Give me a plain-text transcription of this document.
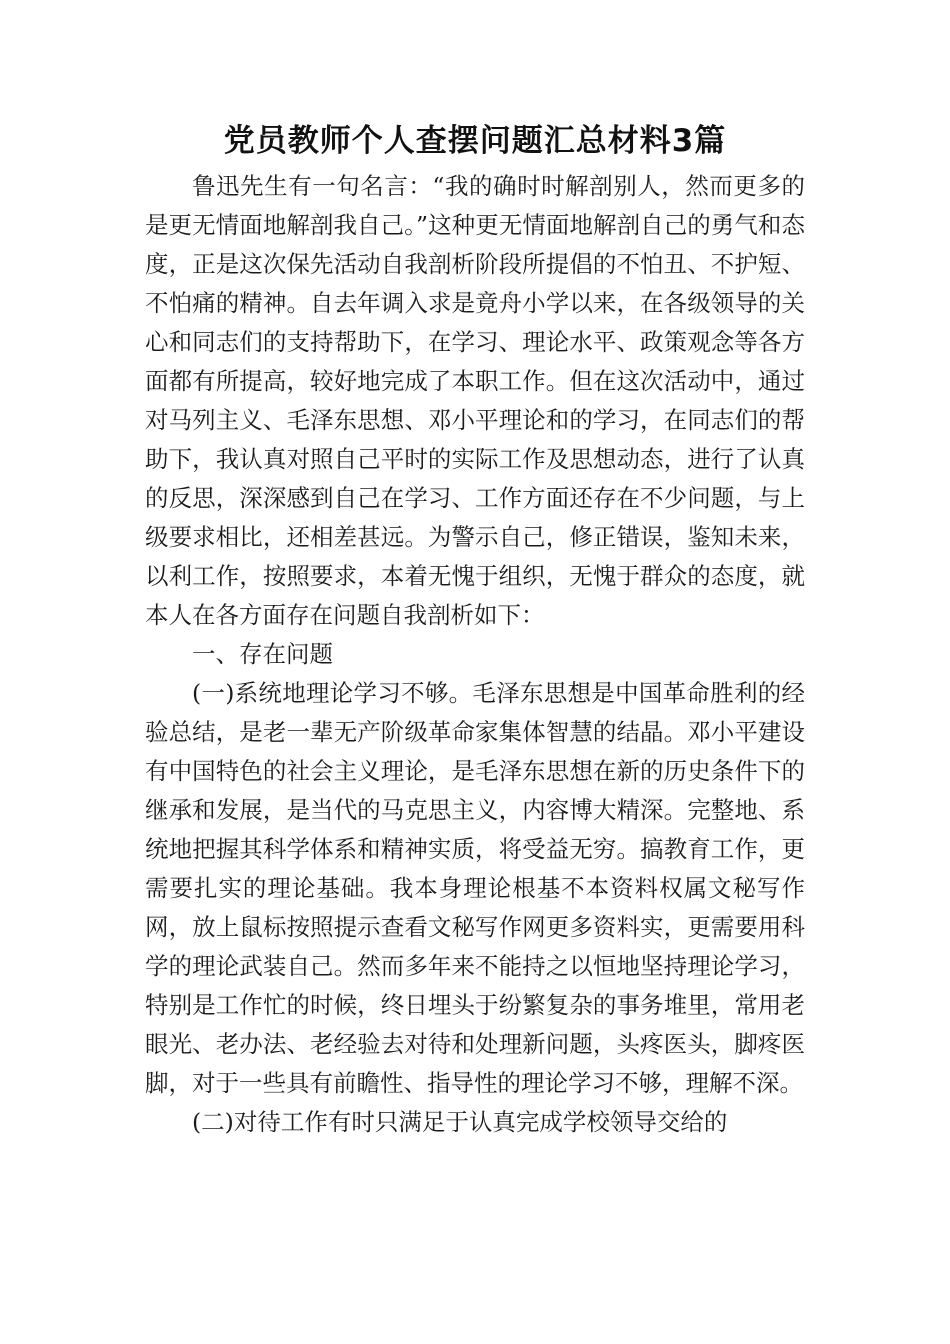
党员教师个人查摆问题汇总材料3篇

鲁迅先生有一句名言：“我的确时时解剖别人，然而更多的是更无情面地解剖我自己。”这种更无情面地解剖自己的勇气和态度，正是这次保先活动自我剖析阶段所提倡的不怕丑、不护短、不怕痛的精神。自去年调入求是竟舟小学以来，在各级领导的关心和同志们的支持帮助下，在学习、理论水平、政策观念等各方面都有所提高，较好地完成了本职工作。但在这次活动中，通过对马列主义、毛泽东思想、邓小平理论和的学习，在同志们的帮助下，我认真对照自己平时的实际工作及思想动态，进行了认真的反思，深深感到自己在学习、工作方面还存在不少问题，与上级要求相比，还相差甚远。为警示自己，修正错误，鉴知未来，以利工作，按照要求，本着无愧于组织，无愧于群众的态度，就本人在各方面存在问题自我剖析如下：

一、存在问题

(一)系统地理论学习不够。毛泽东思想是中国革命胜利的经验总结，是老一辈无产阶级革命家集体智慧的结晶。邓小平建设有中国特色的社会主义理论，是毛泽东思想在新的历史条件下的继承和发展，是当代的马克思主义，内容博大精深。完整地、系统地把握其科学体系和精神实质，将受益无穷。搞教育工作，更需要扎实的理论基础。我本身理论根基不本资料权属文秘写作网，放上鼠标按照提示查看文秘写作网更多资料实，更需要用科学的理论武装自己。然而多年来不能持之以恒地坚持理论学习，特别是工作忙的时候，终日埋头于纷繁复杂的事务堆里，常用老眼光、老办法、老经验去对待和处理新问题，头疼医头，脚疼医脚，对于一些具有前瞻性、指导性的理论学习不够，理解不深。

(二)对待工作有时只满足于认真完成学校领导交给的
